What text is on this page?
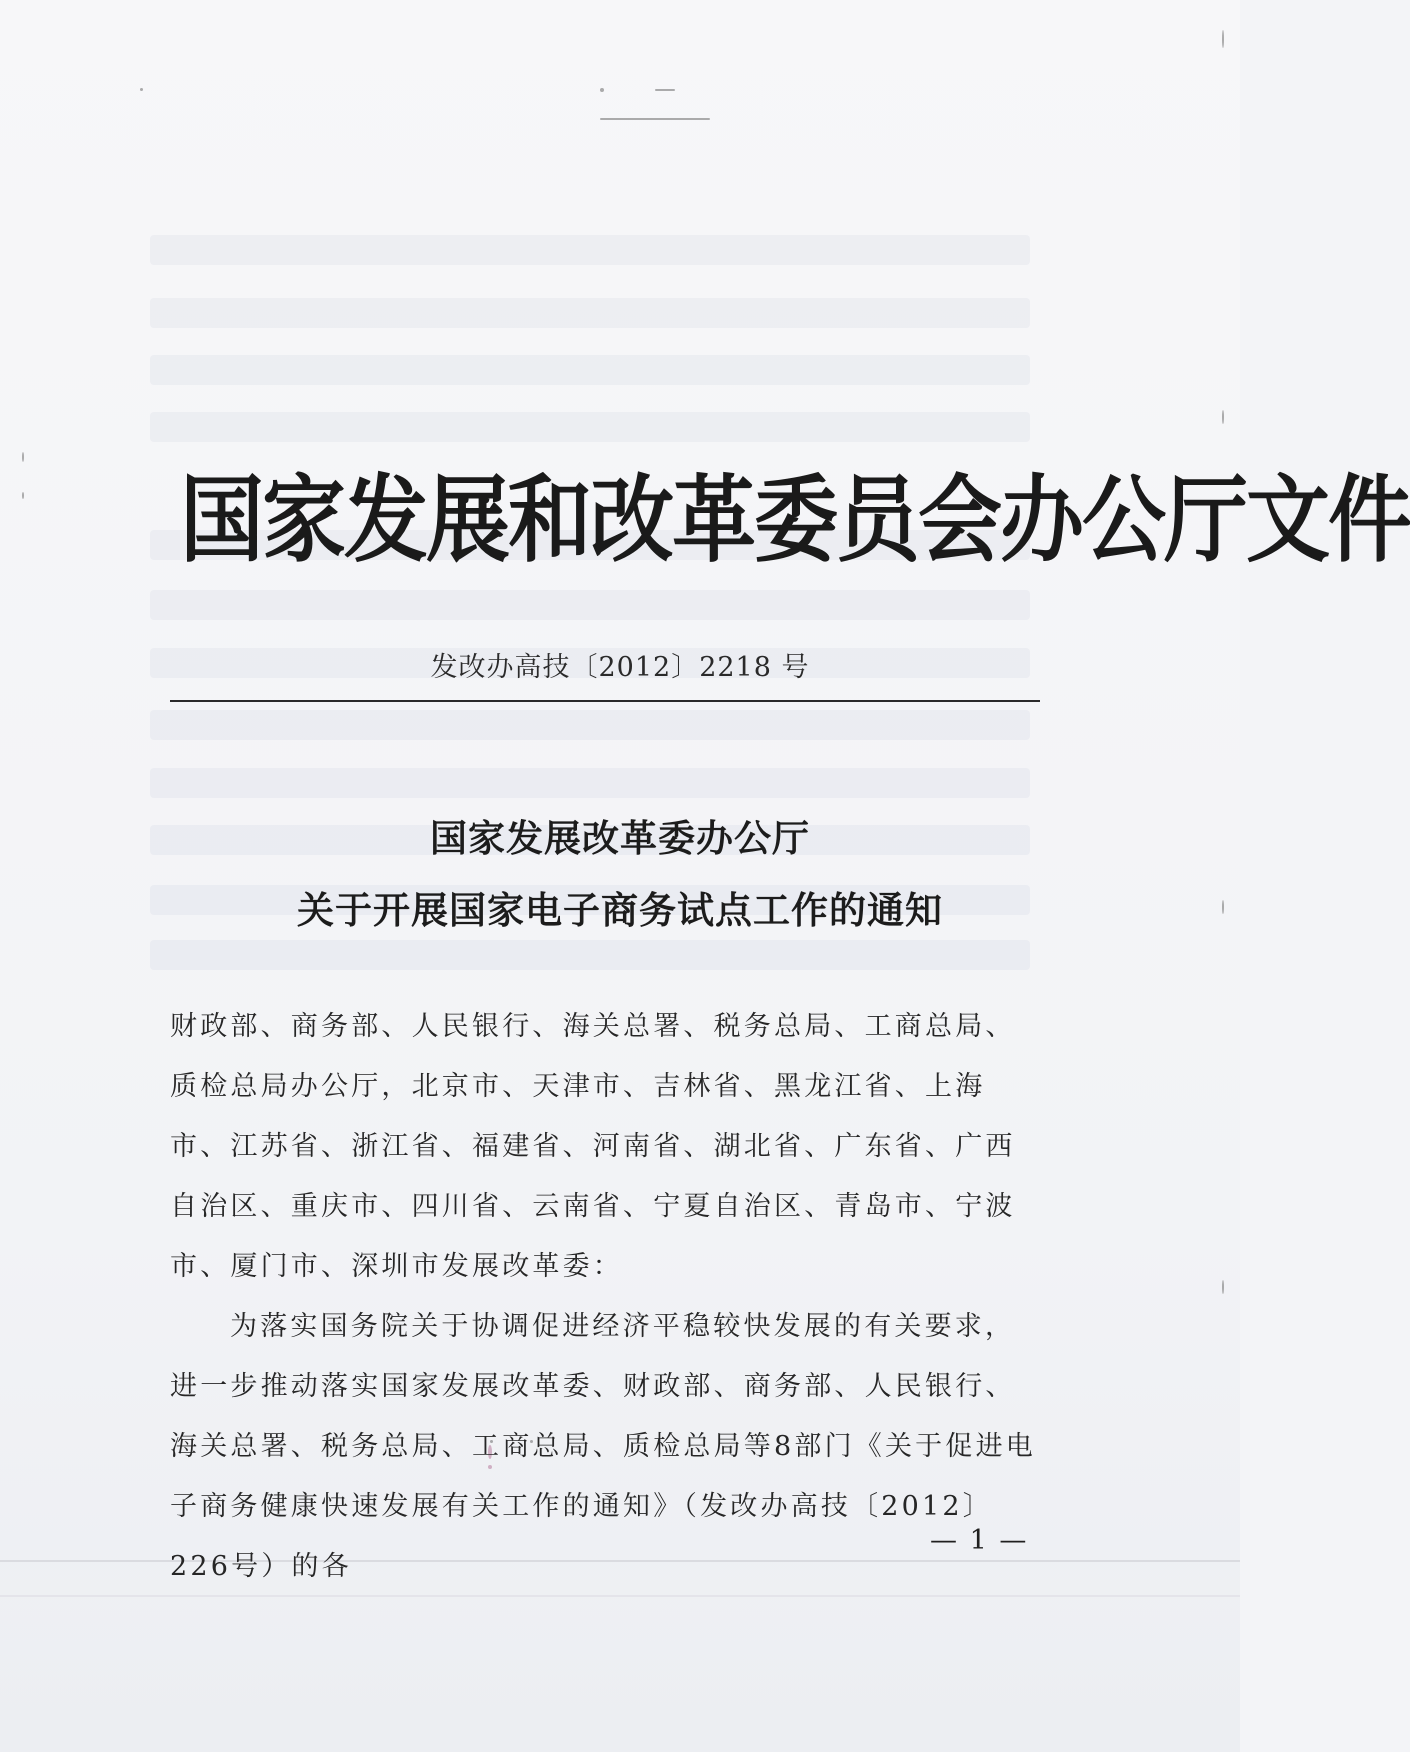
国家发展和改革委员会办公厅文件
发改办高技〔2012〕2218 号
国家发展改革委办公厅
关于开展国家电子商务试点工作的通知

财政部、商务部、人民银行、海关总署、税务总局、工商总局、质检总局办公厅，北京市、天津市、吉林省、黑龙江省、上海市、江苏省、浙江省、福建省、河南省、湖北省、广东省、广西自治区、重庆市、四川省、云南省、宁夏自治区、青岛市、宁波市、厦门市、深圳市发展改革委：

为落实国务院关于协调促进经济平稳较快发展的有关要求，进一步推动落实国家发展改革委、财政部、商务部、人民银行、海关总署、税务总局、工商总局、质检总局等8部门《关于促进电子商务健康快速发展有关工作的通知》（发改办高技〔2012〕226号）的各

— 1 —
